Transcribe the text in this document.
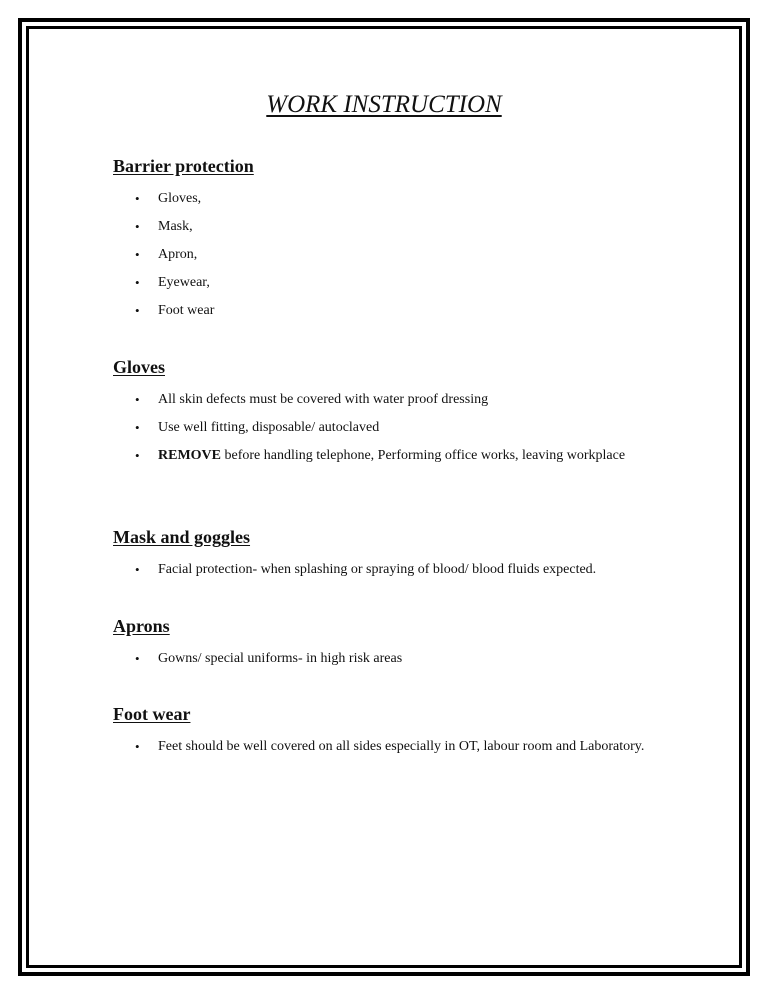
WORK INSTRUCTION
Barrier protection
• Gloves,
• Mask,
• Apron,
• Eyewear,
• Foot wear
Gloves
• All skin defects must be covered with water proof dressing
• Use well fitting, disposable/ autoclaved
• REMOVE before handling telephone, Performing office works, leaving workplace
Mask and goggles
• Facial protection- when splashing or spraying of blood/ blood fluids expected.
Aprons
• Gowns/ special uniforms- in high risk areas
Foot wear
• Feet should be well covered on all sides especially in OT, labour room and Laboratory.
